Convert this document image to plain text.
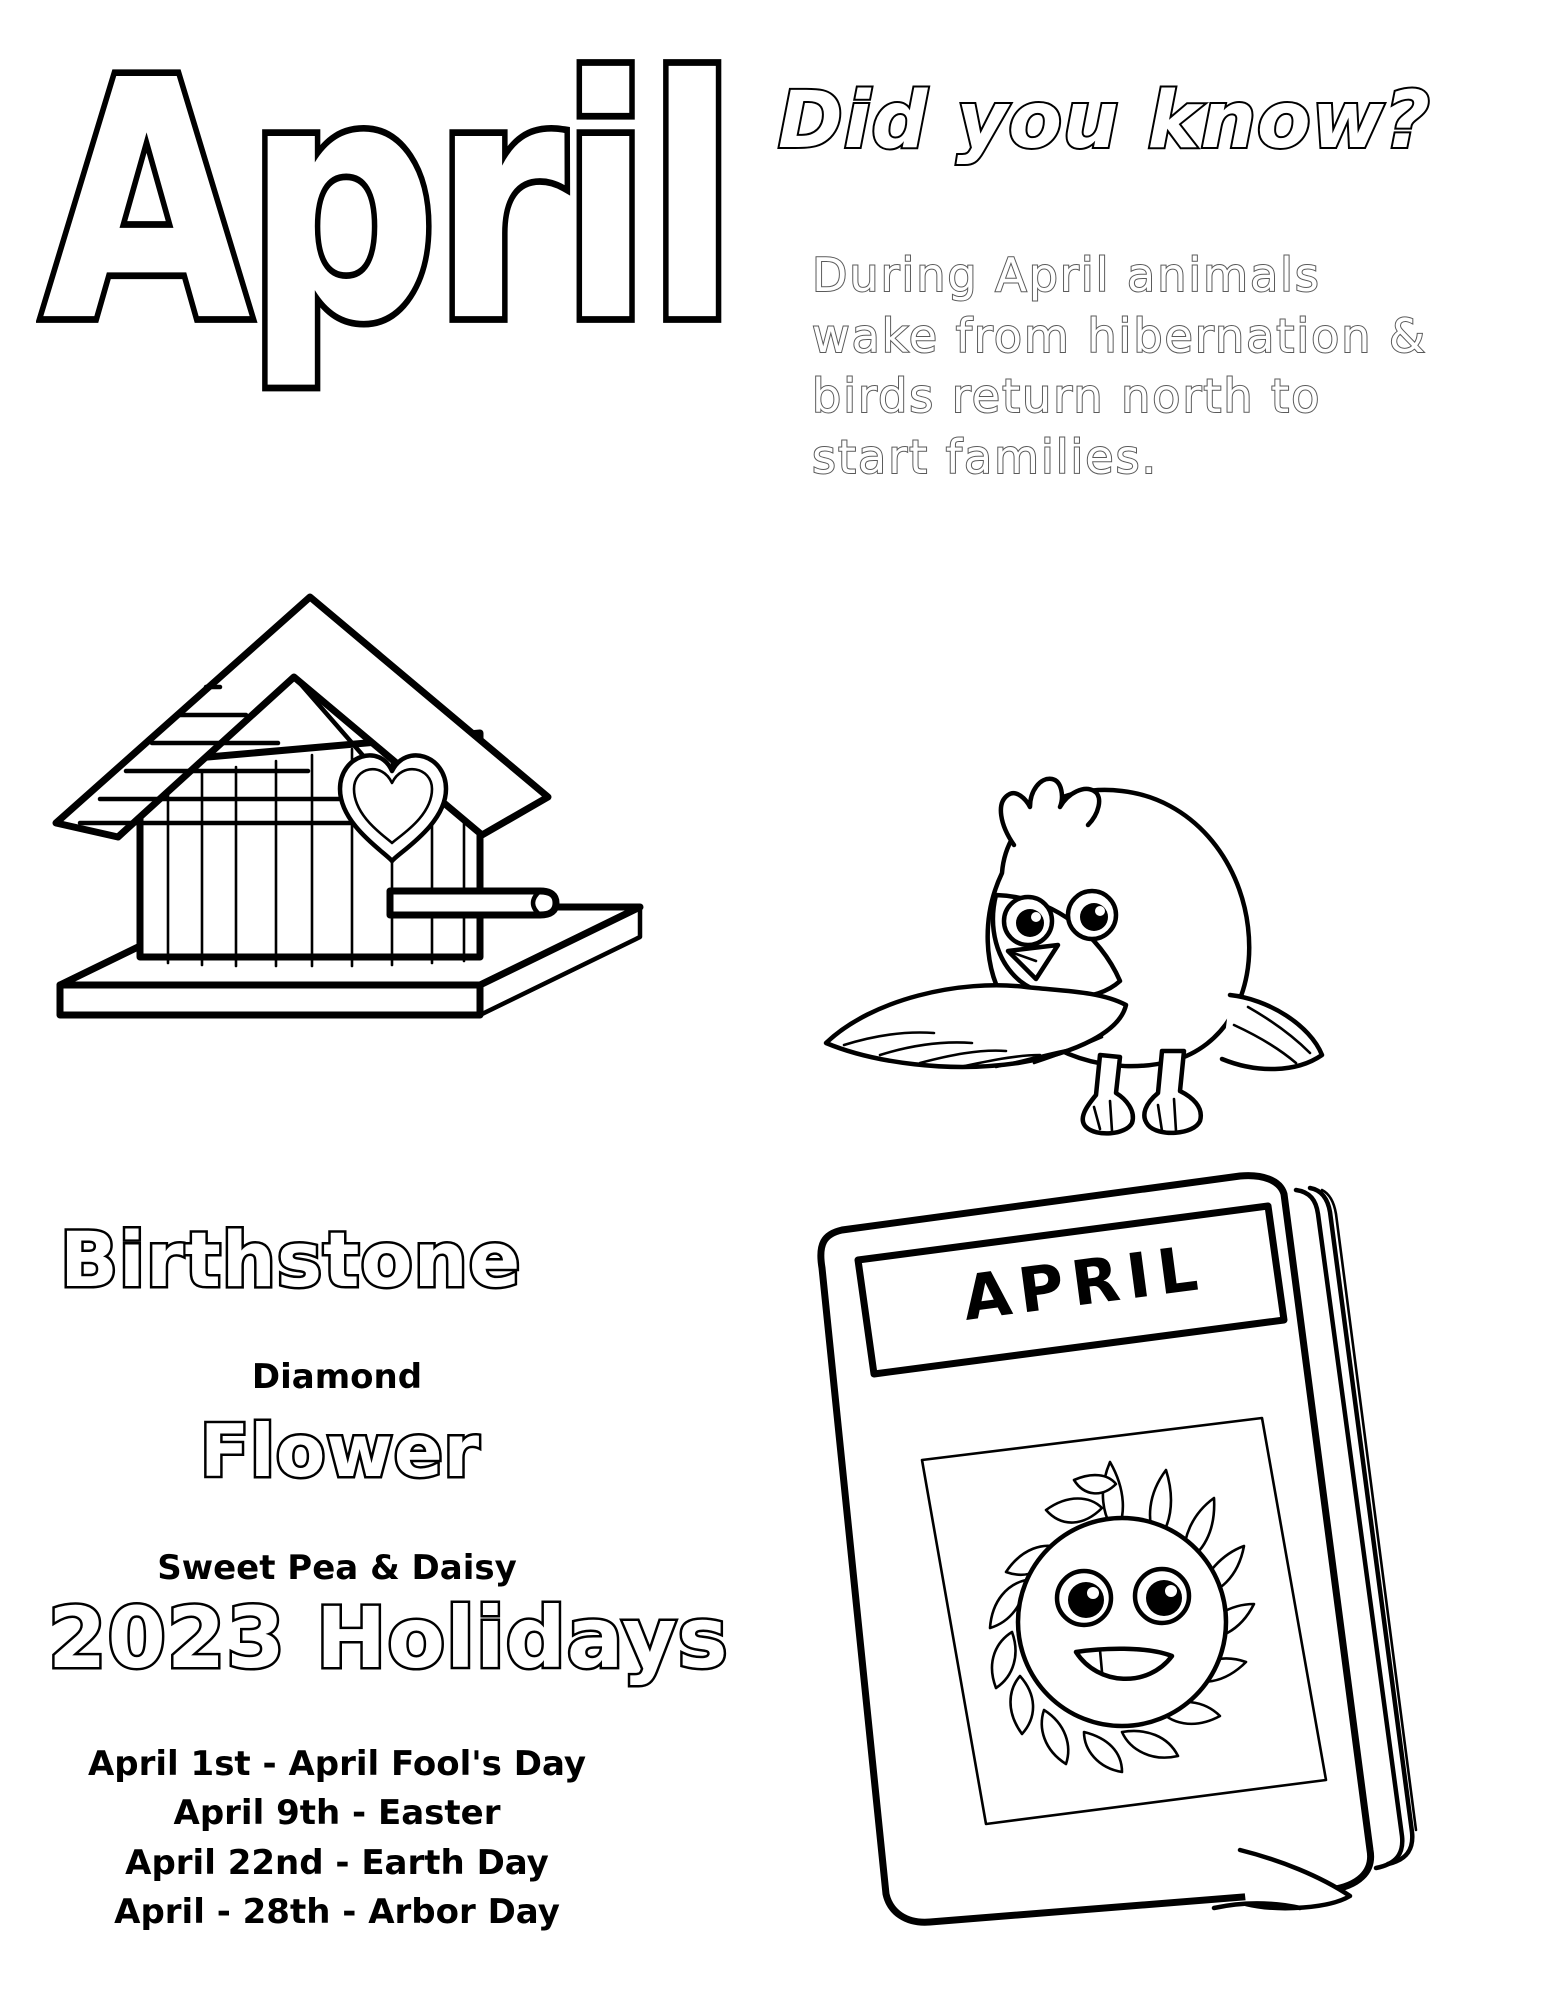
April Did you know?
During April animals wake from hibernation & birds return north to start families.
APRIL
Birthstone
Diamond
Flower
Sweet Pea & Daisy
2023 Holidays
April 1st - April Fool's Day
April 9th - Easter
April 22nd - Earth Day
April - 28th - Arbor Day
